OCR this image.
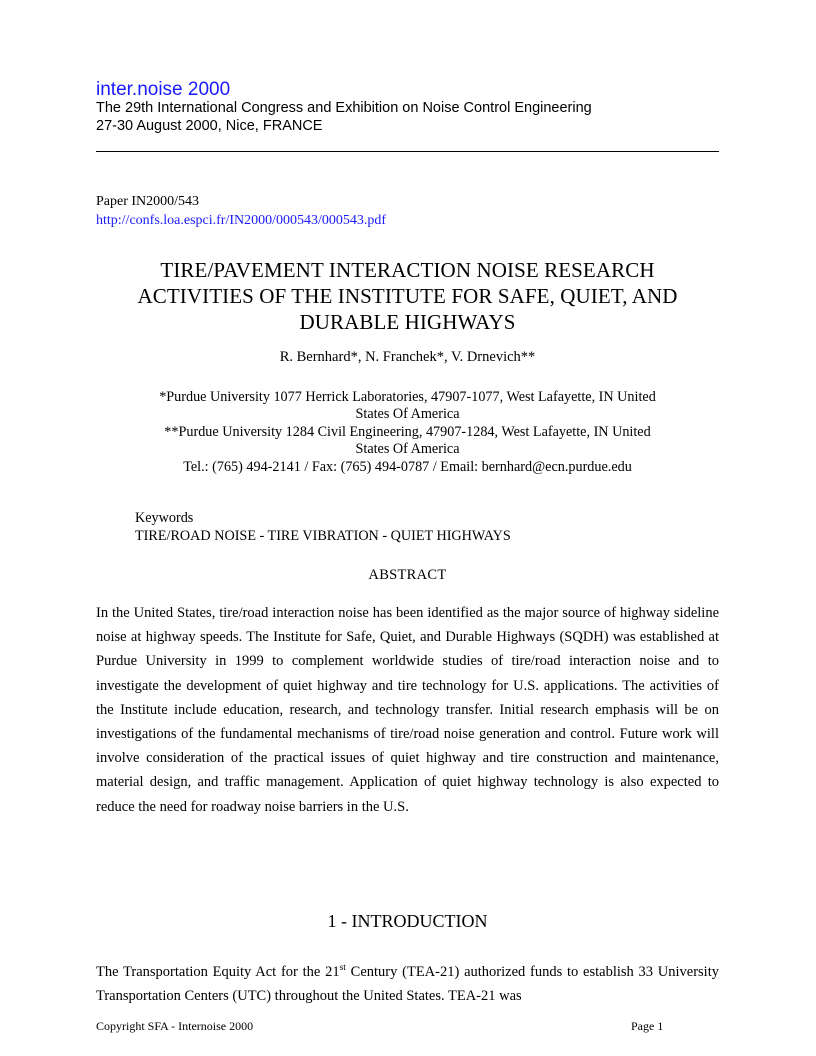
inter.noise 2000
The 29th International Congress and Exhibition on Noise Control Engineering
27-30 August 2000, Nice, FRANCE
Paper IN2000/543
http://confs.loa.espci.fr/IN2000/000543/000543.pdf
TIRE/PAVEMENT INTERACTION NOISE RESEARCH
ACTIVITIES OF THE INSTITUTE FOR SAFE, QUIET, AND
DURABLE HIGHWAYS
R. Bernhard*, N. Franchek*, V. Drnevich**
*Purdue University 1077 Herrick Laboratories, 47907-1077, West Lafayette, IN United
States Of America
**Purdue University 1284 Civil Engineering, 47907-1284, West Lafayette, IN United
States Of America
Tel.: (765) 494-2141 / Fax: (765) 494-0787 / Email: bernhard@ecn.purdue.edu
Keywords
TIRE/ROAD NOISE - TIRE VIBRATION - QUIET HIGHWAYS
ABSTRACT
In the United States, tire/road interaction noise has been identified as the major source of highway sideline noise at highway speeds. The Institute for Safe, Quiet, and Durable Highways (SQDH) was established at Purdue University in 1999 to complement worldwide studies of tire/road interaction noise and to investigate the development of quiet highway and tire technology for U.S. applications. The activities of the Institute include education, research, and technology transfer. Initial research emphasis will be on investigations of the fundamental mechanisms of tire/road noise generation and control. Future work will involve consideration of the practical issues of quiet highway and tire construction and maintenance, material design, and traffic management. Application of quiet highway technology is also expected to reduce the need for roadway noise barriers in the U.S.
1 - INTRODUCTION
The Transportation Equity Act for the 21st Century (TEA-21) authorized funds to establish 33 University Transportation Centers (UTC) throughout the United States. TEA-21 was
Copyright SFA - Internoise 2000	Page 1
